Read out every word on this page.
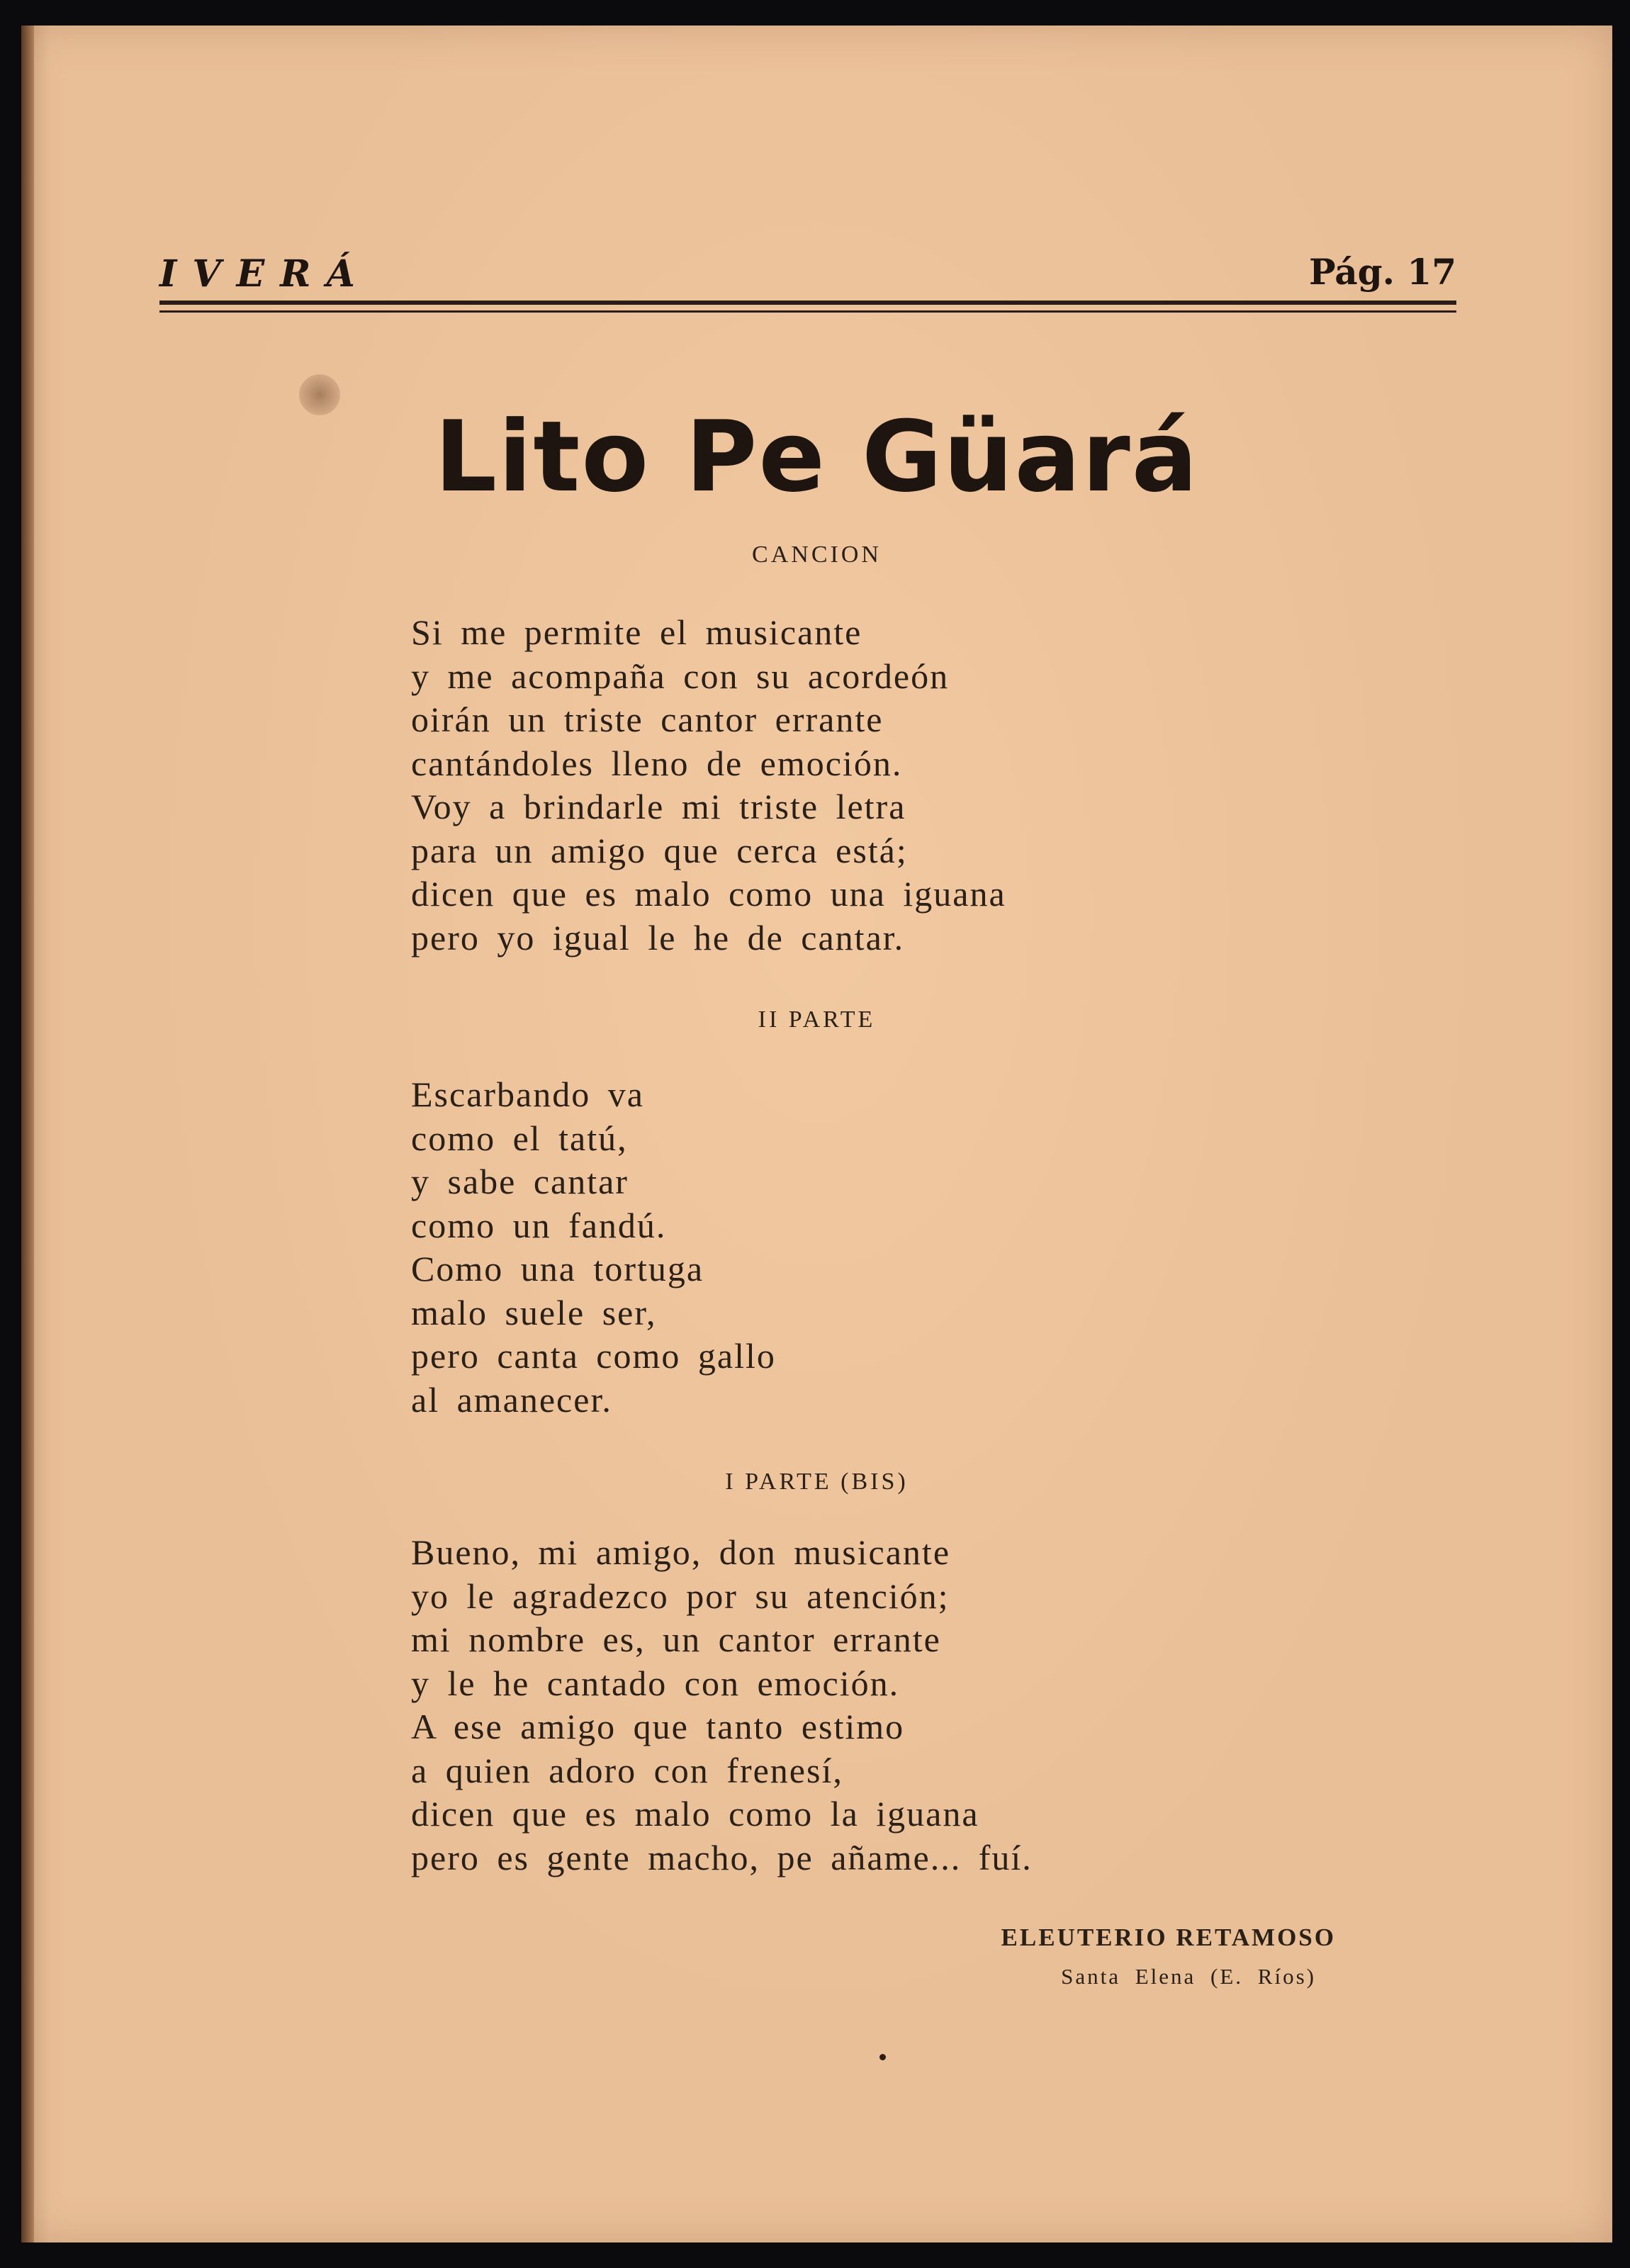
IVERÁ	Pág. 17
Lito Pe Güará
CANCION
Si me permite el musicante
y me acompaña con su acordeón
oirán un triste cantor errante
cantándoles lleno de emoción.
Voy a brindarle mi triste letra
para un amigo que cerca está;
dicen que es malo como una iguana
pero yo igual le he de cantar.
II PARTE
Escarbando va
como el tatú,
y sabe cantar
como un fandú.
Como una tortuga
malo suele ser,
pero canta como gallo
al amanecer.
I PARTE (BIS)
Bueno, mi amigo, don musicante
yo le agradezco por su atención;
mi nombre es, un cantor errante
y le he cantado con emoción.
A ese amigo que tanto estimo
a quien adoro con frenesí,
dicen que es malo como la iguana
pero es gente macho, pe añame... fuí.
ELEUTERIO RETAMOSO
Santa Elena (E. Ríos)
